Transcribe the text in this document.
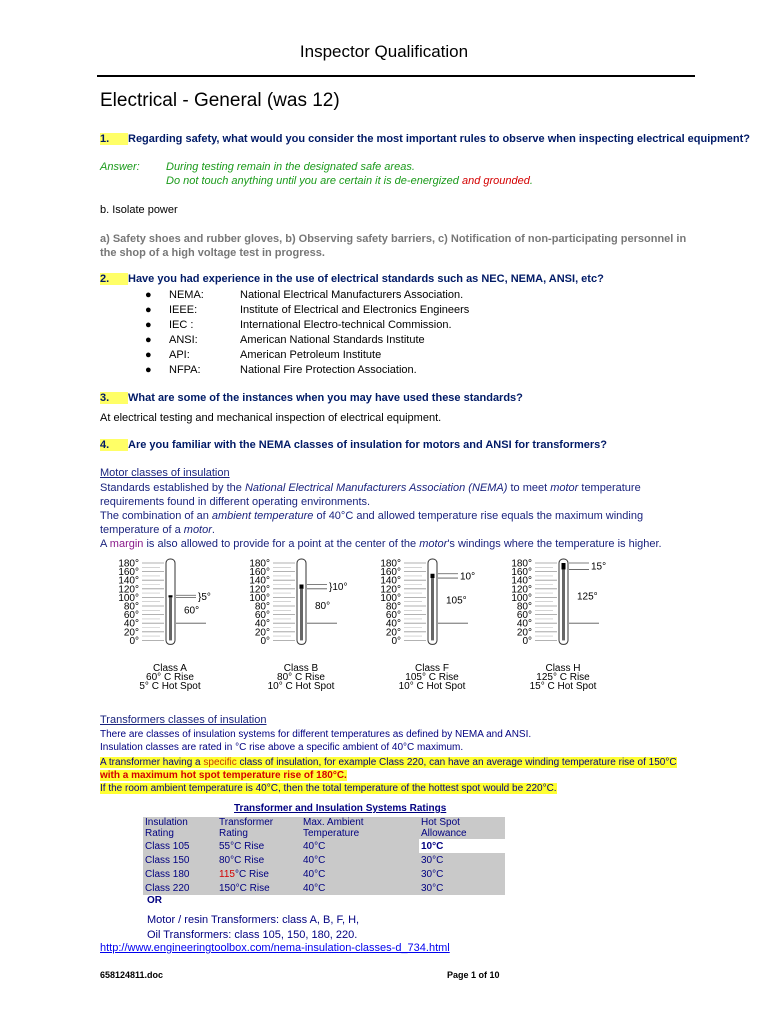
Inspector Qualification
Electrical - General (was 12)
1. Regarding safety, what would you consider the most important rules to observe when inspecting electrical equipment?
Answer: During testing remain in the designated safe areas.
Do not touch anything until you are certain it is de-energized and grounded.
b. Isolate power
a) Safety shoes and rubber gloves, b) Observing safety barriers, c) Notification of non-participating personnel in the shop of a high voltage test in progress.
2. Have you had experience in the use of electrical standards such as NEC, NEMA, ANSI, etc?
● NEMA:	National Electrical Manufacturers Association.
● IEEE:	Institute of Electrical and Electronics Engineers
● IEC :	International Electro-technical Commission.
● ANSI:	American National Standards Institute
● API:	American Petroleum Institute
● NFPA:	National Fire Protection Association.
3. What are some of the instances when you may have used these standards?
At electrical testing and mechanical inspection of electrical equipment.
4. Are you familiar with the NEMA classes of insulation for motors and ANSI for transformers?
Motor classes of insulation
Standards established by the National Electrical Manufacturers Association (NEMA) to meet motor temperature requirements found in different operating environments.
The combination of an ambient temperature of 40°C and allowed temperature rise equals the maximum winding temperature of a motor.
A margin is also allowed to provide for a point at the center of the motor's windings where the temperature is higher.
180°
160°
140°
120°
100°
80°
60°
40°
20°
0°
60°
}5°
Class A
60° C Rise
5° C Hot Spot
180°
160°
140°
120°
100°
80°
60°
40°
20°
0°
80°
}10°
Class B
80° C Rise
10° C Hot Spot
180°
160°
140°
120°
100°
80°
60°
40°
20°
0°
105°
10°
Class F
105° C Rise
10° C Hot Spot
180°
160°
140°
120°
100°
80°
60°
40°
20°
0°
125°
15°
Class H
125° C Rise
15° C Hot Spot
Transformers classes of insulation
There are classes of insulation systems for different temperatures as defined by NEMA and ANSI.
Insulation classes are rated in °C rise above a specific ambient of 40°C maximum.
A transformer having a specific class of insulation, for example Class 220, can have an average winding temperature rise of 150°C with a maximum hot spot temperature rise of 180°C.
If the room ambient temperature is 40°C, then the total temperature of the hottest spot would be 220°C.
Transformer and Insulation Systems Ratings
Insulation Rating	Transformer Rating	Max. Ambient Temperature	Hot Spot Allowance
Class 105	55°C Rise	40°C	10°C
Class 150	80°C Rise	40°C	30°C
Class 180	115°C Rise	40°C	30°C
Class 220	150°C Rise	40°C	30°C
OR
Motor / resin Transformers: class A, B, F, H,
Oil Transformers: class 105, 150, 180, 220.
http://www.engineeringtoolbox.com/nema-insulation-classes-d_734.html
658124811.doc	Page 1 of 10
